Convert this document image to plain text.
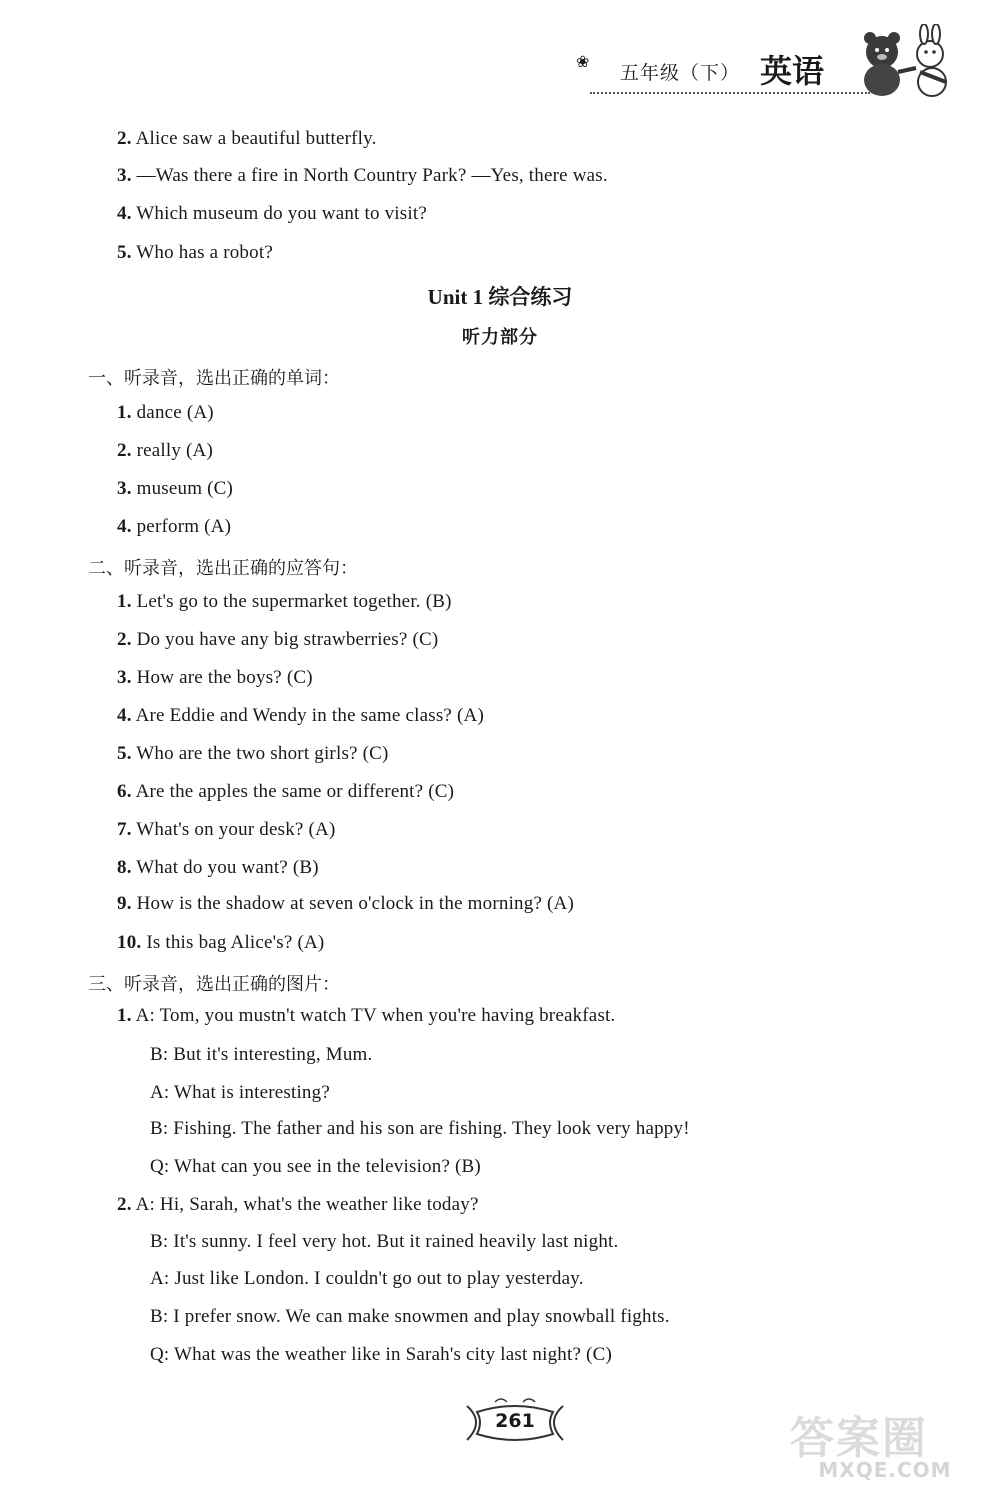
❀ 五年级（下） 英语
2. Alice saw a beautiful butterfly.
3. —Was there a fire in North Country Park? —Yes, there was.
4. Which museum do you want to visit?
5. Who has a robot?
Unit 1 综合练习
听力部分
一、听录音，选出正确的单词：
1. dance (A)
2. really (A)
3. museum (C)
4. perform (A)
二、听录音，选出正确的应答句：
1. Let's go to the supermarket together. (B)
2. Do you have any big strawberries? (C)
3. How are the boys? (C)
4. Are Eddie and Wendy in the same class? (A)
5. Who are the two short girls? (C)
6. Are the apples the same or different? (C)
7. What's on your desk? (A)
8. What do you want? (B)
9. How is the shadow at seven o'clock in the morning? (A)
10. Is this bag Alice's? (A)
三、听录音，选出正确的图片：
1. A: Tom, you mustn't watch TV when you're having breakfast.
B: But it's interesting, Mum.
A: What is interesting?
B: Fishing. The father and his son are fishing. They look very happy!
Q: What can you see in the television? (B)
2. A: Hi, Sarah, what's the weather like today?
B: It's sunny. I feel very hot. But it rained heavily last night.
A: Just like London. I couldn't go out to play yesterday.
B: I prefer snow. We can make snowmen and play snowball fights.
Q: What was the weather like in Sarah's city last night? (C)
261	答案圈
MXQE.COM
